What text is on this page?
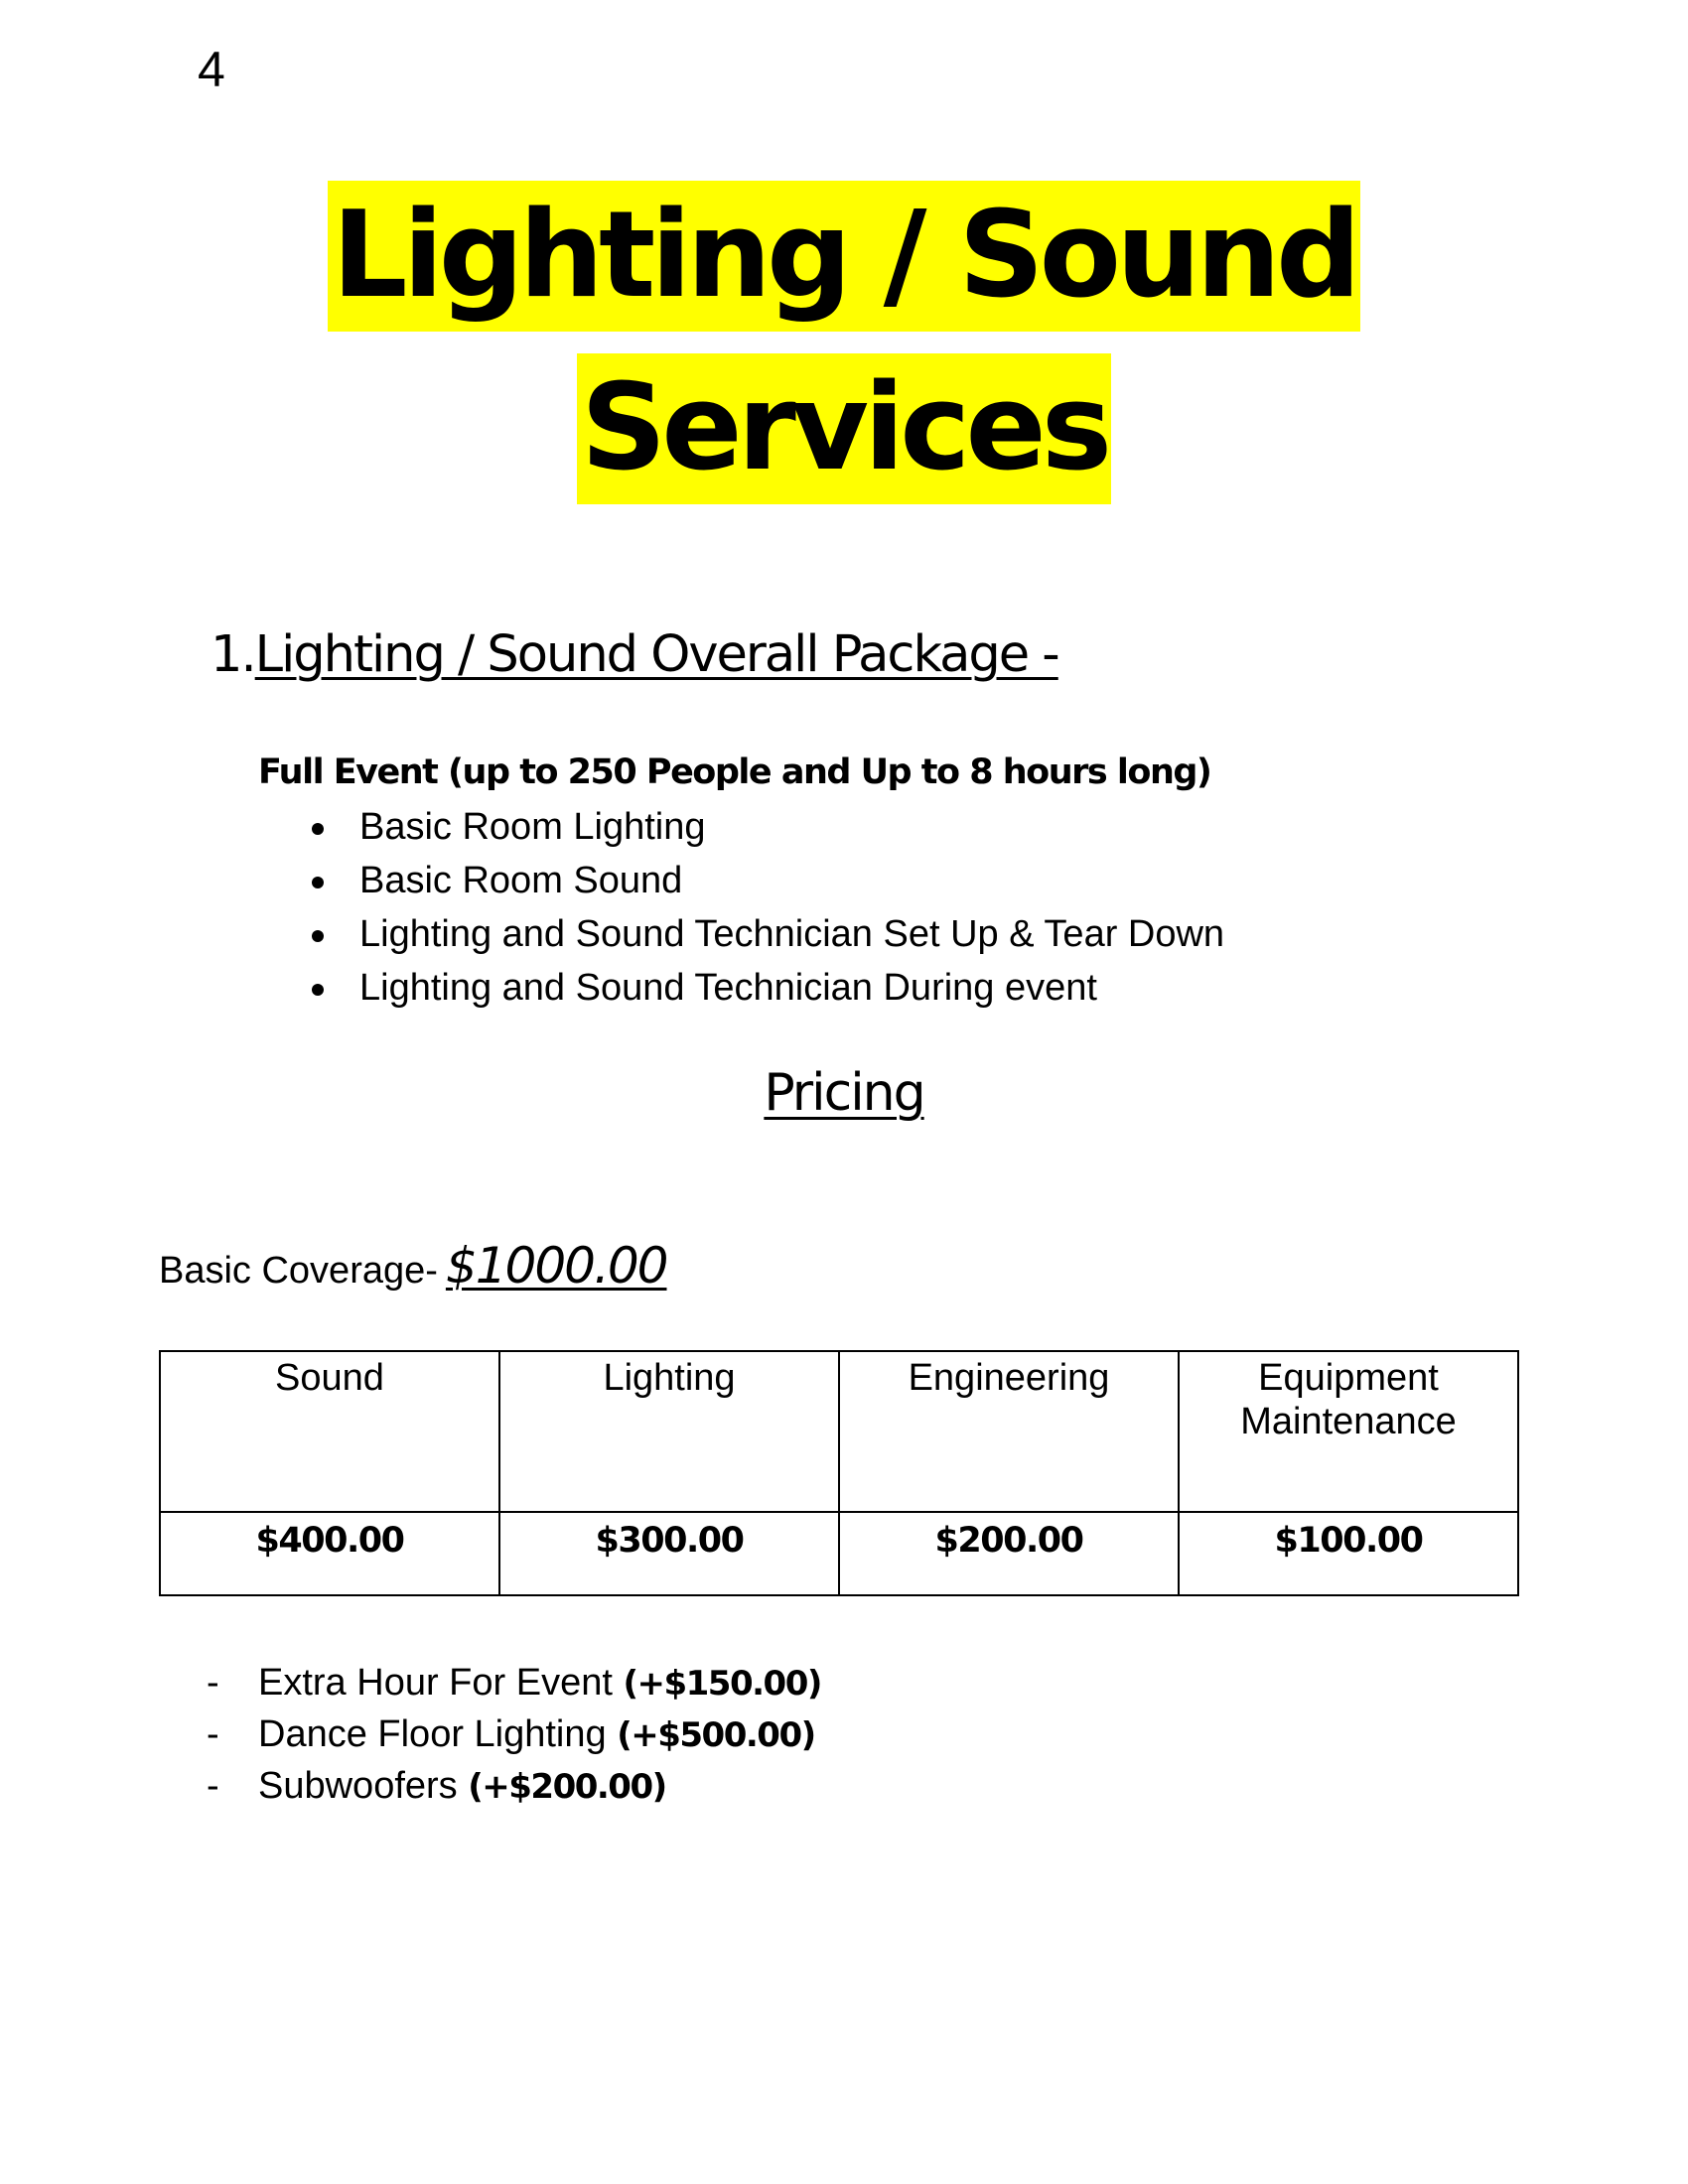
4
Lighting / Sound
Services
1.Lighting / Sound Overall Package -
Full Event (up to 250 People and Up to 8 hours long)
Basic Room Lighting
Basic Room Sound
Lighting and Sound Technician Set Up & Tear Down
Lighting and Sound Technician During event
Pricing
Basic Coverage- $1000.00
Sound	Lighting	Engineering	Equipment Maintenance
$400.00	$300.00	$200.00	$100.00
- Extra Hour For Event (+$150.00)
- Dance Floor Lighting (+$500.00)
- Subwoofers (+$200.00)
